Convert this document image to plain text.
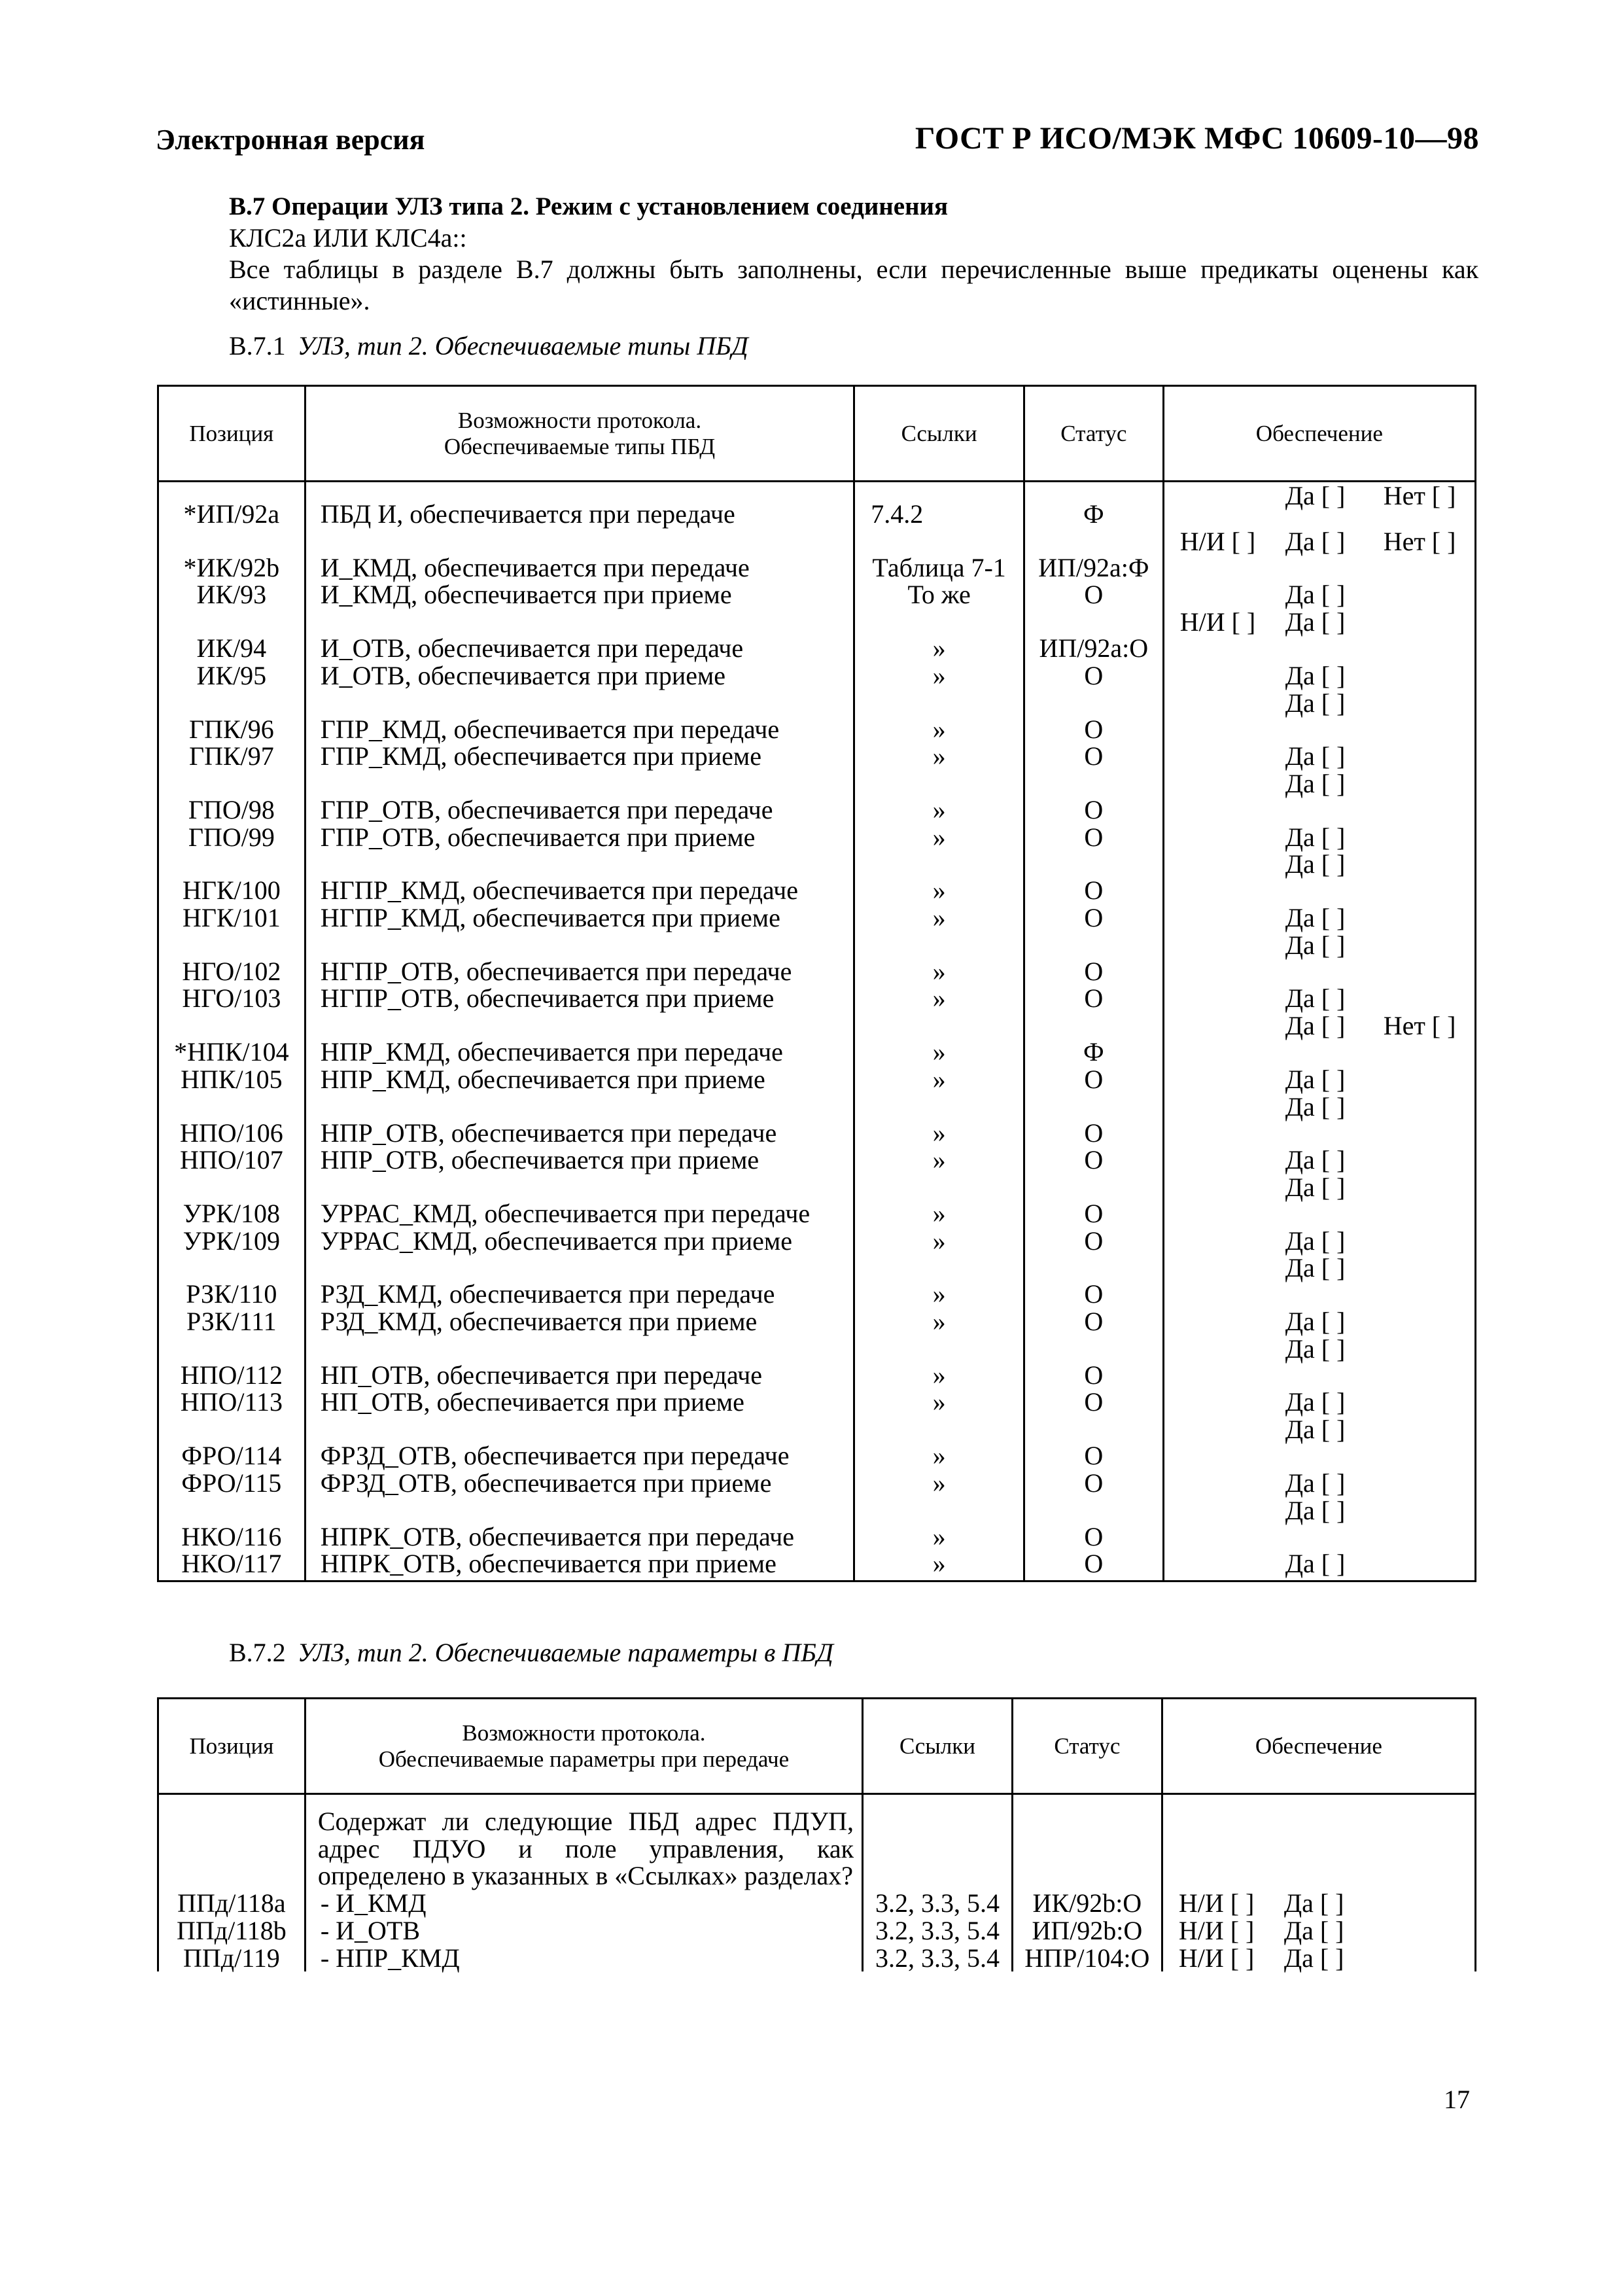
Электронная версия	ГОСТ Р ИСО/МЭК МФС 10609-10—98
В.7 Операции УЛЗ типа 2. Режим с установлением соединения
КЛС2а ИЛИ КЛС4а::
Все таблицы в разделе В.7 должны быть заполнены, если перечисленные выше предикаты оценены как
«истинные».
В.7.1 УЛЗ, тип 2. Обеспечиваемые типы ПБД
Позиция	Возможности протокола.
Обеспечиваемые типы ПБД	Ссылки	Статус	Обеспечение
*ИП/92а	ПБД И, обеспечивается при передаче	7.4.2	Ф	Да [ ] Нет [ ]

*ИК/92b	И_КМД, обеспечивается при передаче	Таблица 7-1	ИП/92а:Ф	Н/И [ ] Да [ ] Нет [ ]

ИК/93	И_КМД, обеспечивается при приеме	То же	О	Да [ ]

ИК/94	И_ОТВ, обеспечивается при передаче	»	ИП/92а:О	Н/И [ ] Да [ ]

ИК/95	И_ОТВ, обеспечивается при приеме	»	О	Да [ ]

ГПК/96	ГПР_КМД, обеспечивается при передаче	»	О	Да [ ]

ГПК/97	ГПР_КМД, обеспечивается при приеме	»	О	Да [ ]

ГПО/98	ГПР_ОТВ, обеспечивается при передаче	»	О	Да [ ]

ГПО/99	ГПР_ОТВ, обеспечивается при приеме	»	О	Да [ ]

НГК/100	НГПР_КМД, обеспечивается при передаче	»	О	Да [ ]

НГК/101	НГПР_КМД, обеспечивается при приеме	»	О	Да [ ]

НГО/102	НГПР_ОТВ, обеспечивается при передаче	»	О	Да [ ]

НГО/103	НГПР_ОТВ, обеспечивается при приеме	»	О	Да [ ]

*НПК/104	НПР_КМД, обеспечивается при передаче	»	Ф	Да [ ] Нет [ ]

НПК/105	НПР_КМД, обеспечивается при приеме	»	О	Да [ ]

НПО/106	НПР_ОТВ, обеспечивается при передаче	»	О	Да [ ]

НПО/107	НПР_ОТВ, обеспечивается при приеме	»	О	Да [ ]

УРК/108	УРРАС_КМД, обеспечивается при передаче	»	О	Да [ ]

УРК/109	УРРАС_КМД, обеспечивается при приеме	»	О	Да [ ]

РЗК/110	РЗД_КМД, обеспечивается при передаче	»	О	Да [ ]

РЗК/111	РЗД_КМД, обеспечивается при приеме	»	О	Да [ ]

НПО/112	НП_ОТВ, обеспечивается при передаче	»	О	Да [ ]

НПО/113	НП_ОТВ, обеспечивается при приеме	»	О	Да [ ]

ФРО/114	ФРЗД_ОТВ, обеспечивается при передаче	»	О	Да [ ]

ФРО/115	ФРЗД_ОТВ, обеспечивается при приеме	»	О	Да [ ]

НКО/116	НПРК_ОТВ, обеспечивается при передаче	»	О	Да [ ]

НКО/117	НПРК_ОТВ, обеспечивается при приеме	»	О	Да [ ]
В.7.2 УЛЗ, тип 2. Обеспечиваемые параметры в ПБД
Позиция	Возможности протокола.
Обеспечиваемые параметры при передаче	Ссылки	Статус	Обеспечение
	Содержат ли следующие ПБД адрес ПДУП, адрес ПДУО и поле управления, как определено в указанных в «Ссылках» разделах?			
ППд/118а	- И_КМД	3.2, 3.3, 5.4	ИК/92b:О	Н/И [ ] Да [ ]

ППд/118b	- И_ОТВ	3.2, 3.3, 5.4	ИП/92b:О	Н/И [ ] Да [ ]

ППд/119	- НПР_КМД	3.2, 3.3, 5.4	НПР/104:О	Н/И [ ] Да [ ]
17
